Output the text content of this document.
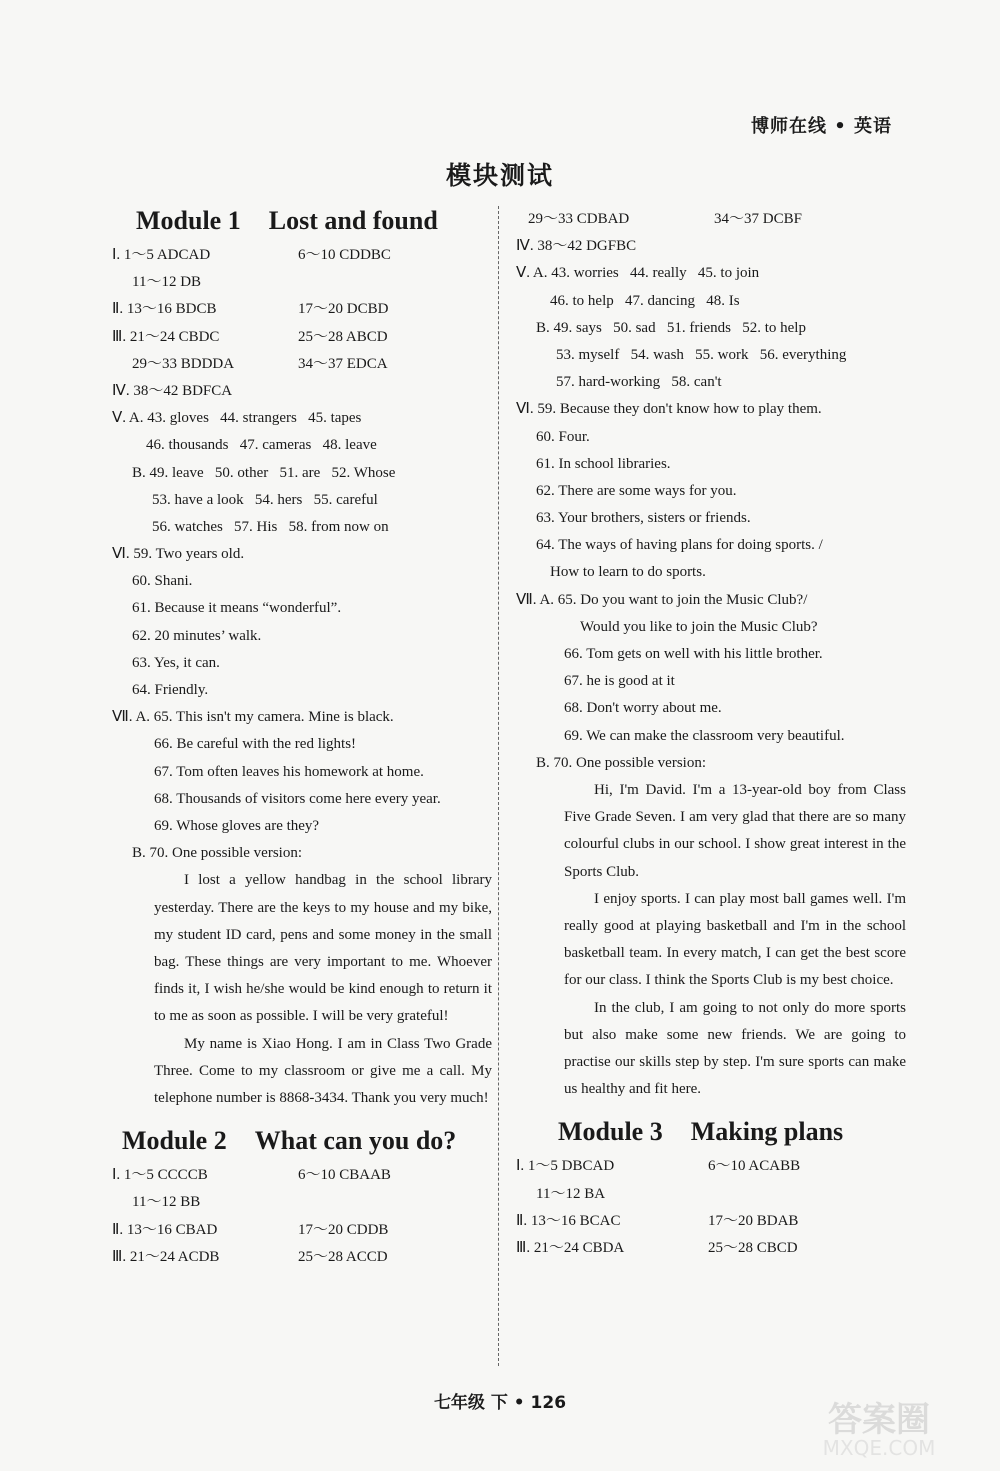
博师在线 • 英语
模块测试
Module 1 Lost and found
Ⅰ. 1～5 ADCAD	6～10 CDDBC
11～12 DB
Ⅱ. 13～16 BDCB	17～20 DCBD
Ⅲ. 21～24 CBDC	25～28 ABCD
29～33 BDDDA	34～37 EDCA
Ⅳ. 38～42 BDFCA
Ⅴ. A. 43. gloves   44. strangers   45. tapes
46. thousands   47. cameras   48. leave
B. 49. leave   50. other   51. are   52. Whose
53. have a look   54. hers   55. careful
56. watches   57. His   58. from now on
Ⅵ. 59. Two years old.
60. Shani.
61. Because it means “wonderful”.
62. 20 minutes’ walk.
63. Yes, it can.
64. Friendly.
Ⅶ. A. 65. This isn't my camera. Mine is black.
66. Be careful with the red lights!
67. Tom often leaves his homework at home.
68. Thousands of visitors come here every year.
69. Whose gloves are they?
B. 70. One possible version:
I lost a yellow handbag in the school library yesterday. There are the keys to my house and my bike, my student ID card, pens and some money in the small bag. These things are very important to me. Whoever finds it, I wish he/she would be kind enough to return it to me as soon as possible. I will be very grateful!
My name is Xiao Hong. I am in Class Two Grade Three. Come to my classroom or give me a call. My telephone number is 8868-3434. Thank you very much!
Module 2 What can you do?
Ⅰ. 1～5 CCCCB	6～10 CBAAB
11～12 BB
Ⅱ. 13～16 CBAD	17～20 CDDB
Ⅲ. 21～24 ACDB	25～28 ACCD
29～33 CDBAD	34～37 DCBF
Ⅳ. 38～42 DGFBC
Ⅴ. A. 43. worries   44. really   45. to join
46. to help   47. dancing   48. Is
B. 49. says   50. sad   51. friends   52. to help
53. myself   54. wash   55. work   56. everything
57. hard-working   58. can't
Ⅵ. 59. Because they don't know how to play them.
60. Four.
61. In school libraries.
62. There are some ways for you.
63. Your brothers, sisters or friends.
64. The ways of having plans for doing sports. /
How to learn to do sports.
Ⅶ. A. 65. Do you want to join the Music Club?/
Would you like to join the Music Club?
66. Tom gets on well with his little brother.
67. he is good at it
68. Don't worry about me.
69. We can make the classroom very beautiful.
B. 70. One possible version:
Hi, I'm David. I'm a 13-year-old boy from Class Five Grade Seven. I am very glad that there are so many colourful clubs in our school. I show great interest in the Sports Club.
I enjoy sports. I can play most ball games well. I'm really good at playing basketball and I'm in the school basketball team. In every match, I can get the best score for our class. I think the Sports Club is my best choice.
In the club, I am going to not only do more sports but also make some new friends. We are going to practise our skills step by step. I'm sure sports can make us healthy and fit here.
Module 3 Making plans
Ⅰ. 1～5 DBCAD	6～10 ACABB
11～12 BA
Ⅱ. 13～16 BCAC	17～20 BDAB
Ⅲ. 21～24 CBDA	25～28 CBCD
七年级 下 • 126	答案圈
MXQE.COM
